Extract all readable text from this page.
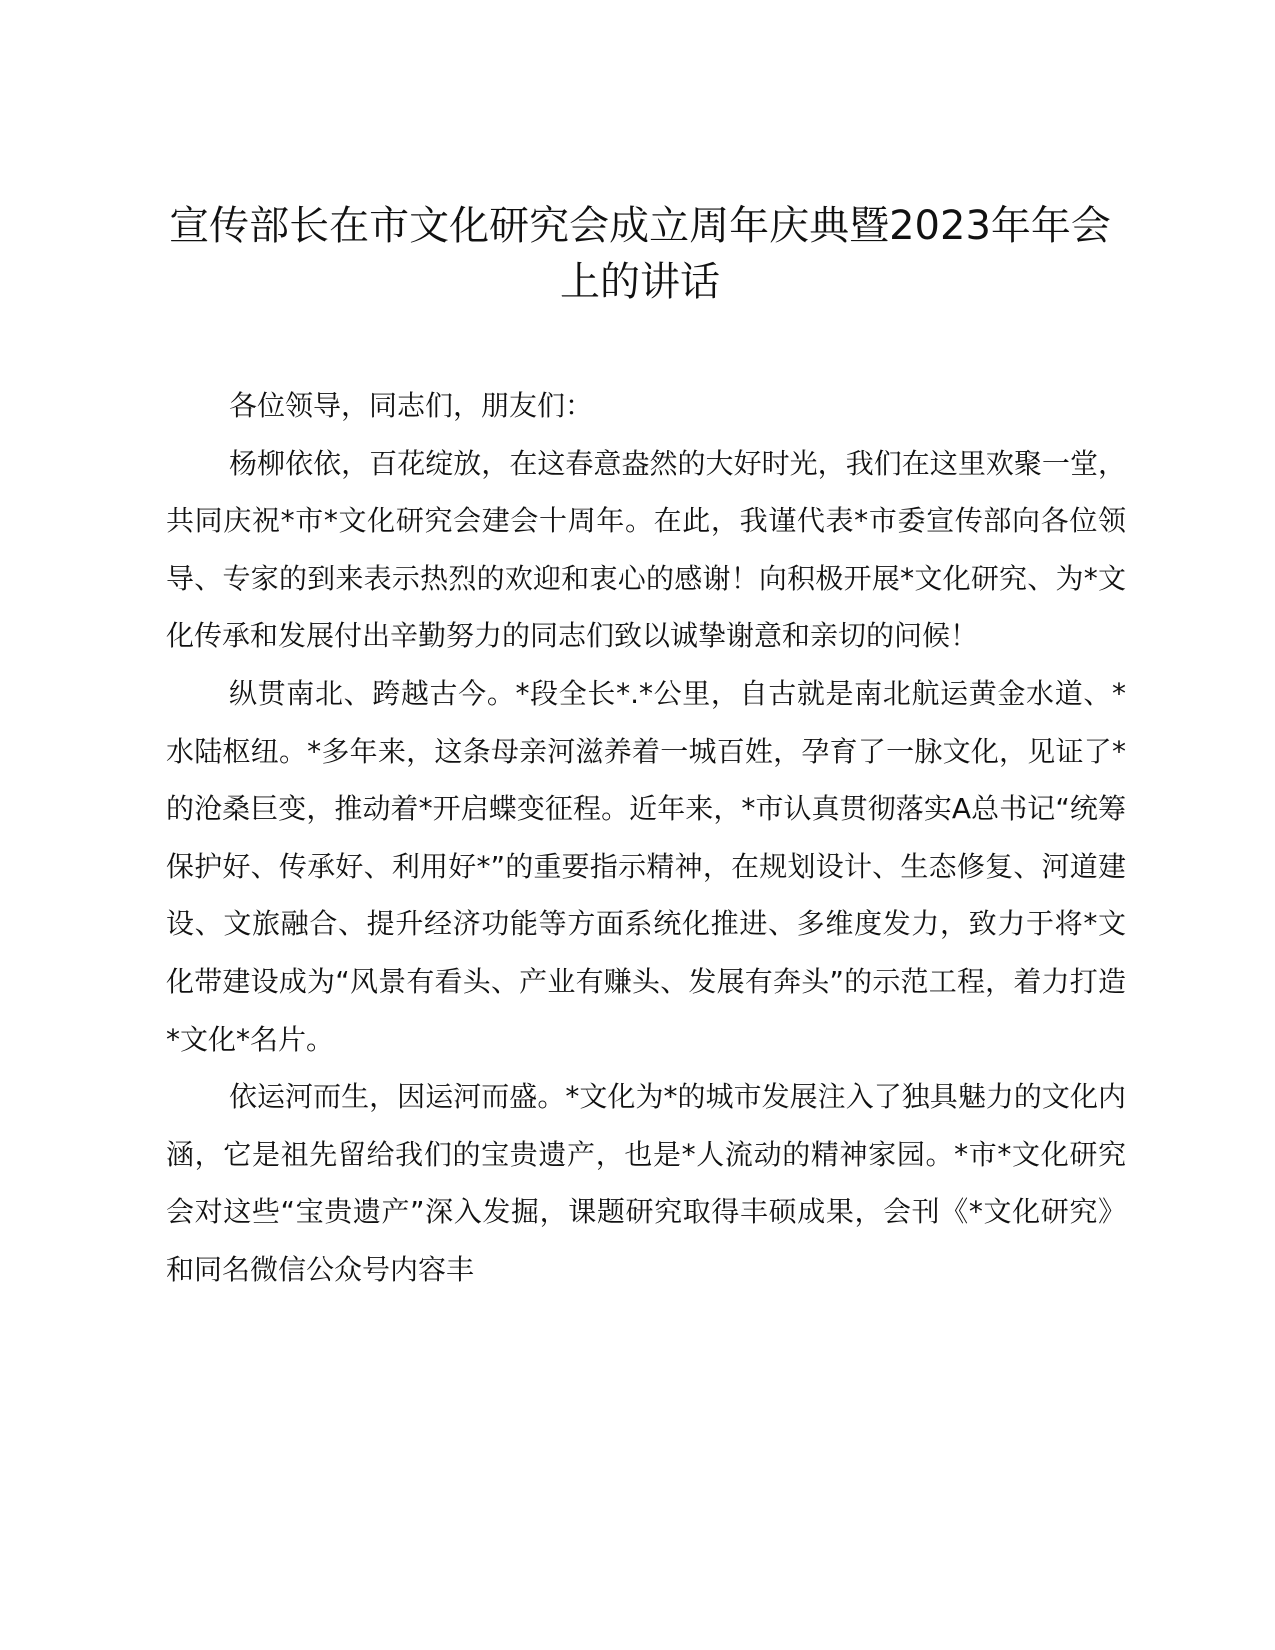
宣传部长在市文化研究会成立周年庆典暨2023年年会上的讲话

各位领导，同志们，朋友们：

杨柳依依，百花绽放，在这春意盎然的大好时光，我们在这里欢聚一堂，共同庆祝*市*文化研究会建会十周年。在此，我谨代表*市委宣传部向各位领导、专家的到来表示热烈的欢迎和衷心的感谢！向积极开展*文化研究、为*文化传承和发展付出辛勤努力的同志们致以诚挚谢意和亲切的问候！

纵贯南北、跨越古今。*段全长*.*公里，自古就是南北航运黄金水道、*水陆枢纽。*多年来，这条母亲河滋养着一城百姓，孕育了一脉文化，见证了*的沧桑巨变，推动着*开启蝶变征程。近年来，*市认真贯彻落实A总书记“统筹保护好、传承好、利用好*”的重要指示精神，在规划设计、生态修复、河道建设、文旅融合、提升经济功能等方面系统化推进、多维度发力，致力于将*文化带建设成为“风景有看头、产业有赚头、发展有奔头”的示范工程，着力打造*文化*名片。

依运河而生，因运河而盛。*文化为*的城市发展注入了独具魅力的文化内涵，它是祖先留给我们的宝贵遗产，也是*人流动的精神家园。*市*文化研究会对这些“宝贵遗产”深入发掘，课题研究取得丰硕成果，会刊《*文化研究》和同名微信公众号内容丰
